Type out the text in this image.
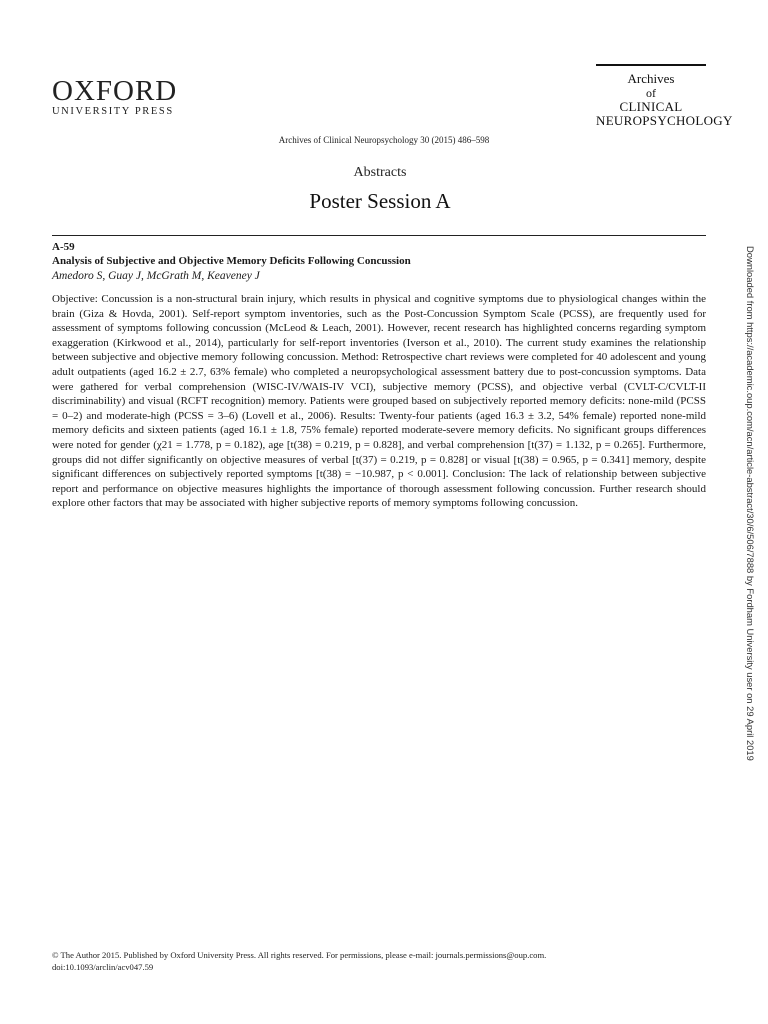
OXFORD
UNIVERSITY PRESS
Archives
of
CLINICAL
NEUROPSYCHOLOGY
Archives of Clinical Neuropsychology 30 (2015) 486–598
Abstracts
Poster Session A
A-59
Analysis of Subjective and Objective Memory Deficits Following Concussion
Amedoro S, Guay J, McGrath M, Keaveney J
Objective: Concussion is a non-structural brain injury, which results in physical and cognitive symptoms due to physiological changes within the brain (Giza & Hovda, 2001). Self-report symptom inventories, such as the Post-Concussion Symptom Scale (PCSS), are frequently used for assessment of symptoms following concussion (McLeod & Leach, 2001). However, recent research has highlighted concerns regarding symptom exaggeration (Kirkwood et al., 2014), particularly for self-report inventories (Iverson et al., 2010). The current study examines the relationship between subjective and objective memory following concussion. Method: Retrospective chart reviews were completed for 40 adolescent and young adult outpatients (aged 16.2 ± 2.7, 63% female) who completed a neuropsychological assessment battery due to post-concussion symptoms. Data were gathered for verbal comprehension (WISC-IV/WAIS-IV VCI), subjective memory (PCSS), and objective verbal (CVLT-C/CVLT-II discriminability) and visual (RCFT recognition) memory. Patients were grouped based on subjectively reported memory deficits: none-mild (PCSS = 0–2) and moderate-high (PCSS = 3–6) (Lovell et al., 2006). Results: Twenty-four patients (aged 16.3 ± 3.2, 54% female) reported none-mild memory deficits and sixteen patients (aged 16.1 ± 1.8, 75% female) reported moderate-severe memory deficits. No significant groups differences were noted for gender (χ21 = 1.778, p = 0.182), age [t(38) = 0.219, p = 0.828], and verbal comprehension [t(37) = 1.132, p = 0.265]. Furthermore, groups did not differ significantly on objective measures of verbal [t(37) = 0.219, p = 0.828] or visual [t(38) = 0.965, p = 0.341] memory, despite significant differences on subjectively reported symptoms [t(38) = −10.987, p < 0.001]. Conclusion: The lack of relationship between subjective report and performance on objective measures highlights the importance of thorough assessment following concussion. Further research should explore other factors that may be associated with higher subjective reports of memory symptoms following concussion.	Downloaded from https://academic.oup.com/acn/article-abstract/30/6/506/7888 by Fordham University user on 29 April 2019
© The Author 2015. Published by Oxford University Press. All rights reserved. For permissions, please e-mail: journals.permissions@oup.com.
doi:10.1093/arclin/acv047.59
